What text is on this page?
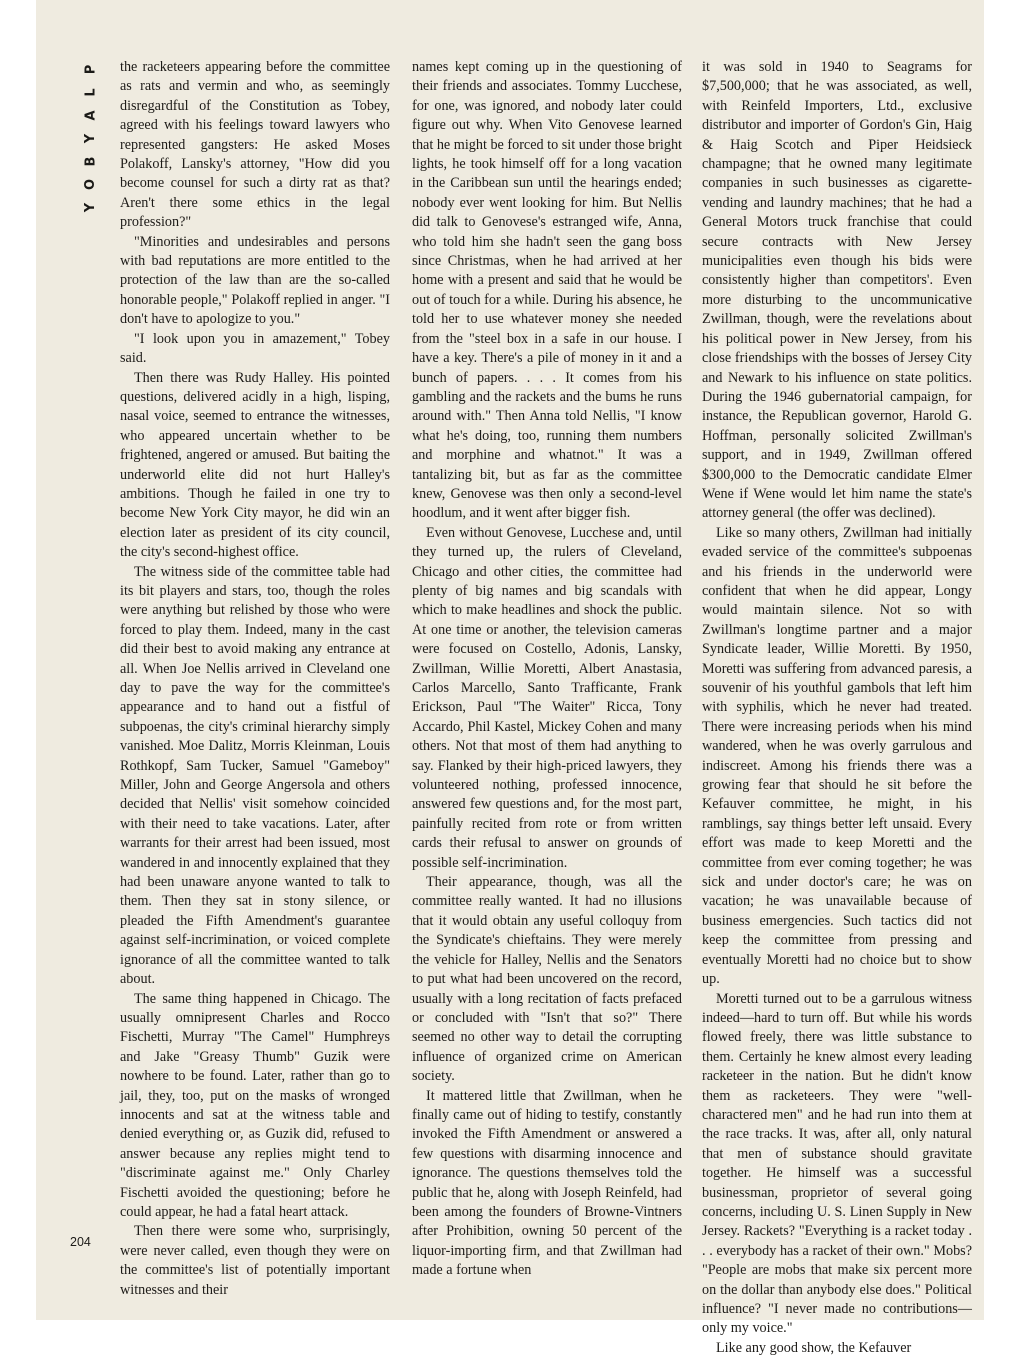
P
L
A
Y
B
O
Y
204

the racketeers appearing before the committee as rats and vermin and who, as seemingly disregardful of the Constitution as Tobey, agreed with his feelings toward lawyers who represented gangsters: He asked Moses Polakoff, Lansky's attorney, "How did you become counsel for such a dirty rat as that? Aren't there some ethics in the legal profession?"

"Minorities and undesirables and persons with bad reputations are more entitled to the protection of the law than are the so-called honorable people," Polakoff replied in anger. "I don't have to apologize to you."

"I look upon you in amazement," Tobey said.

Then there was Rudy Halley. His pointed questions, delivered acidly in a high, lisping, nasal voice, seemed to entrance the witnesses, who appeared uncertain whether to be frightened, angered or amused. But baiting the underworld elite did not hurt Halley's ambitions. Though he failed in one try to become New York City mayor, he did win an election later as president of its city council, the city's second-highest office.

The witness side of the committee table had its bit players and stars, too, though the roles were anything but relished by those who were forced to play them. Indeed, many in the cast did their best to avoid making any entrance at all. When Joe Nellis arrived in Cleveland one day to pave the way for the committee's appearance and to hand out a fistful of subpoenas, the city's criminal hierarchy simply vanished. Moe Dalitz, Morris Kleinman, Louis Rothkopf, Sam Tucker, Samuel "Gameboy" Miller, John and George Angersola and others decided that Nellis' visit somehow coincided with their need to take vacations. Later, after warrants for their arrest had been issued, most wandered in and innocently explained that they had been unaware anyone wanted to talk to them. Then they sat in stony silence, or pleaded the Fifth Amendment's guarantee against self-incrimination, or voiced complete ignorance of all the committee wanted to talk about.

The same thing happened in Chicago. The usually omnipresent Charles and Rocco Fischetti, Murray "The Camel" Humphreys and Jake "Greasy Thumb" Guzik were nowhere to be found. Later, rather than go to jail, they, too, put on the masks of wronged innocents and sat at the witness table and denied everything or, as Guzik did, refused to answer because any replies might tend to "discriminate against me." Only Charley Fischetti avoided the questioning; before he could appear, he had a fatal heart attack.

Then there were some who, surprisingly, were never called, even though they were on the committee's list of potentially important witnesses and their

names kept coming up in the questioning of their friends and associates. Tommy Lucchese, for one, was ignored, and nobody later could figure out why. When Vito Genovese learned that he might be forced to sit under those bright lights, he took himself off for a long vacation in the Caribbean sun until the hearings ended; nobody ever went looking for him. But Nellis did talk to Genovese's estranged wife, Anna, who told him she hadn't seen the gang boss since Christmas, when he had arrived at her home with a present and said that he would be out of touch for a while. During his absence, he told her to use whatever money she needed from the "steel box in a safe in our house. I have a key. There's a pile of money in it and a bunch of papers. . . . It comes from his gambling and the rackets and the bums he runs around with." Then Anna told Nellis, "I know what he's doing, too, running them numbers and morphine and whatnot." It was a tantalizing bit, but as far as the committee knew, Genovese was then only a second-level hoodlum, and it went after bigger fish.

Even without Genovese, Lucchese and, until they turned up, the rulers of Cleveland, Chicago and other cities, the committee had plenty of big names and big scandals with which to make headlines and shock the public. At one time or another, the television cameras were focused on Costello, Adonis, Lansky, Zwillman, Willie Moretti, Albert Anastasia, Carlos Marcello, Santo Trafficante, Frank Erickson, Paul "The Waiter" Ricca, Tony Accardo, Phil Kastel, Mickey Cohen and many others. Not that most of them had anything to say. Flanked by their high-priced lawyers, they volunteered nothing, professed innocence, answered few questions and, for the most part, painfully recited from rote or from written cards their refusal to answer on grounds of possible self-incrimination.

Their appearance, though, was all the committee really wanted. It had no illusions that it would obtain any useful colloquy from the Syndicate's chieftains. They were merely the vehicle for Halley, Nellis and the Senators to put what had been uncovered on the record, usually with a long recitation of facts prefaced or concluded with "Isn't that so?" There seemed no other way to detail the corrupting influence of organized crime on American society.

It mattered little that Zwillman, when he finally came out of hiding to testify, constantly invoked the Fifth Amendment or answered a few questions with disarming innocence and ignorance. The questions themselves told the public that he, along with Joseph Reinfeld, had been among the founders of Browne-Vintners after Prohibition, owning 50 percent of the liquor-importing firm, and that Zwillman had made a fortune when

it was sold in 1940 to Seagrams for $7,500,000; that he was associated, as well, with Reinfeld Importers, Ltd., exclusive distributor and importer of Gordon's Gin, Haig & Haig Scotch and Piper Heidsieck champagne; that he owned many legitimate companies in such businesses as cigarette-vending and laundry machines; that he had a General Motors truck franchise that could secure contracts with New Jersey municipalities even though his bids were consistently higher than competitors'. Even more disturbing to the uncommunicative Zwillman, though, were the revelations about his political power in New Jersey, from his close friendships with the bosses of Jersey City and Newark to his influence on state politics. During the 1946 gubernatorial campaign, for instance, the Republican governor, Harold G. Hoffman, personally solicited Zwillman's support, and in 1949, Zwillman offered $300,000 to the Democratic candidate Elmer Wene if Wene would let him name the state's attorney general (the offer was declined).

Like so many others, Zwillman had initially evaded service of the committee's subpoenas and his friends in the underworld were confident that when he did appear, Longy would maintain silence. Not so with Zwillman's longtime partner and a major Syndicate leader, Willie Moretti. By 1950, Moretti was suffering from advanced paresis, a souvenir of his youthful gambols that left him with syphilis, which he never had treated. There were increasing periods when his mind wandered, when he was overly garrulous and indiscreet. Among his friends there was a growing fear that should he sit before the Kefauver committee, he might, in his ramblings, say things better left unsaid. Every effort was made to keep Moretti and the committee from ever coming together; he was sick and under doctor's care; he was on vacation; he was unavailable because of business emergencies. Such tactics did not keep the committee from pressing and eventually Moretti had no choice but to show up.

Moretti turned out to be a garrulous witness indeed—hard to turn off. But while his words flowed freely, there was little substance to them. Certainly he knew almost every leading racketeer in the nation. But he didn't know them as racketeers. They were "well-charactered men" and he had run into them at the race tracks. It was, after all, only natural that men of substance should gravitate together. He himself was a successful businessman, proprietor of several going concerns, including U. S. Linen Supply in New Jersey. Rackets? "Everything is a racket today . . . everybody has a racket of their own." Mobs? "People are mobs that make six percent more on the dollar than anybody else does." Political influence? "I never made no contributions—only my voice."

Like any good show, the Kefauver
